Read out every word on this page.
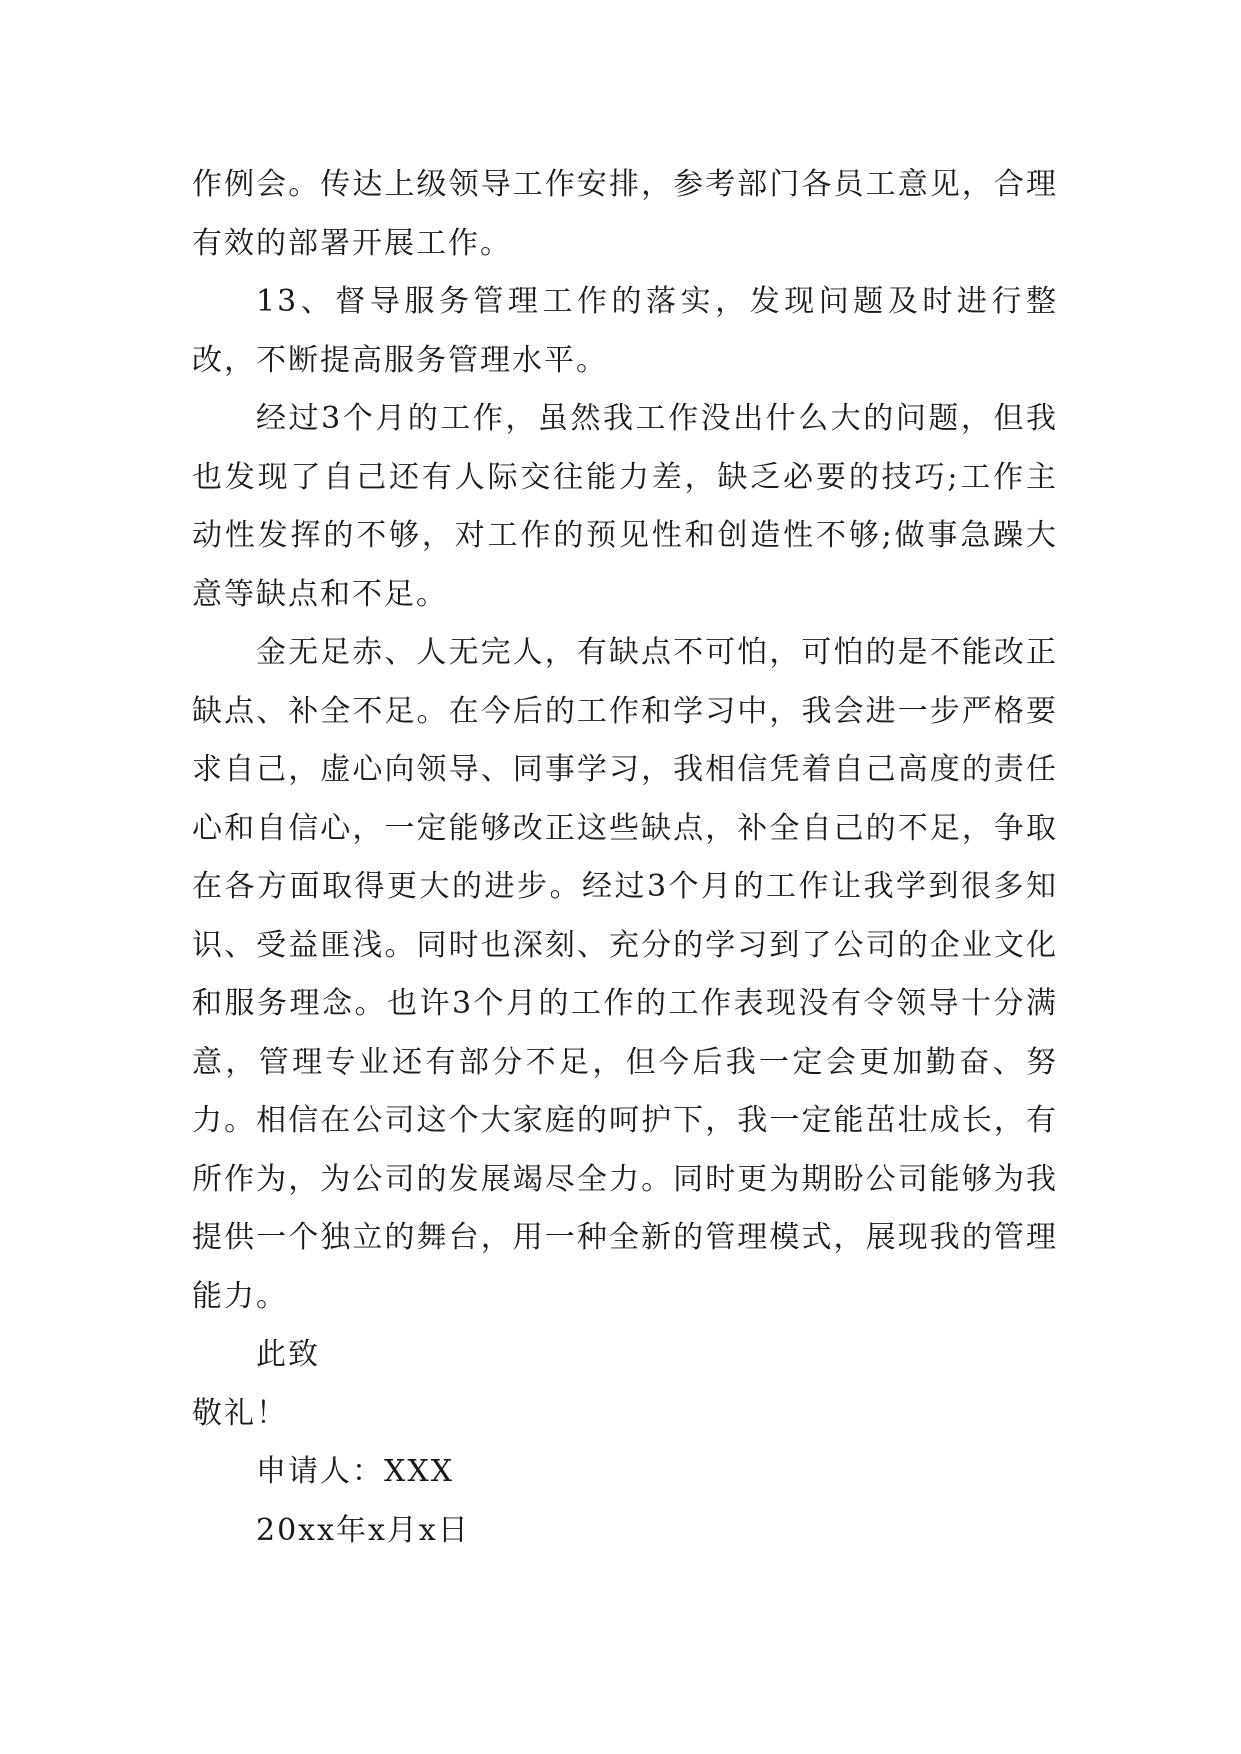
作例会。传达上级领导工作安排，参考部门各员工意见，合理有效的部署开展工作。

13、督导服务管理工作的落实，发现问题及时进行整改，不断提高服务管理水平。

经过3个月的工作，虽然我工作没出什么大的问题，但我也发现了自己还有人际交往能力差，缺乏必要的技巧;工作主动性发挥的不够，对工作的预见性和创造性不够;做事急躁大意等缺点和不足。

金无足赤、人无完人，有缺点不可怕，可怕的是不能改正缺点、补全不足。在今后的工作和学习中，我会进一步严格要求自己，虚心向领导、同事学习，我相信凭着自己高度的责任心和自信心，一定能够改正这些缺点，补全自己的不足，争取在各方面取得更大的进步。经过3个月的工作让我学到很多知识、受益匪浅。同时也深刻、充分的学习到了公司的企业文化和服务理念。也许3个月的工作的工作表现没有令领导十分满意，管理专业还有部分不足，但今后我一定会更加勤奋、努力。相信在公司这个大家庭的呵护下，我一定能茁壮成长，有所作为，为公司的发展竭尽全力。同时更为期盼公司能够为我提供一个独立的舞台，用一种全新的管理模式，展现我的管理能力。

此致

敬礼！

申请人：XXX

20xx年x月x日
